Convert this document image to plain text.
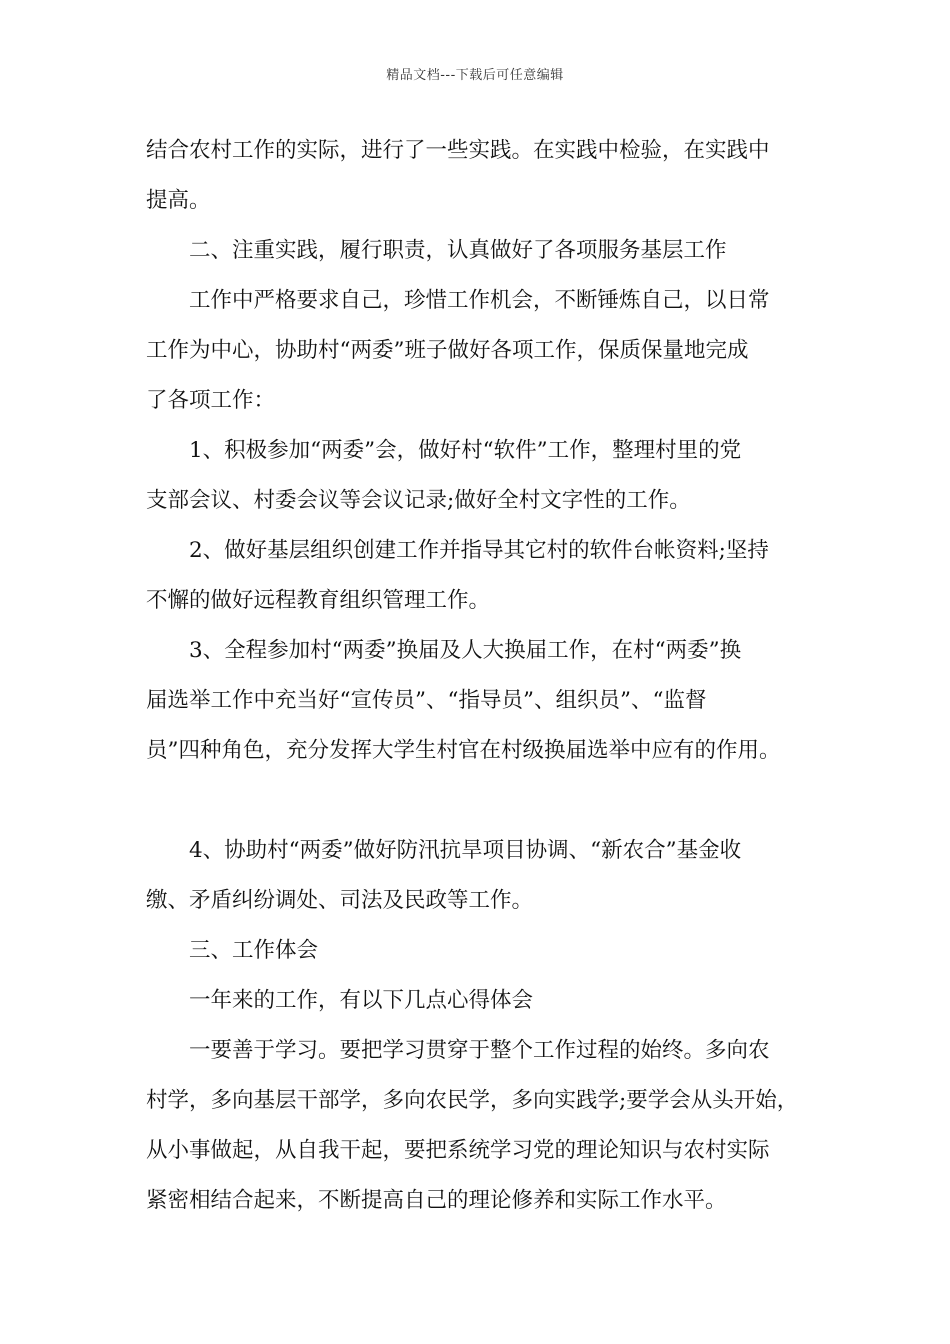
精品文档---下载后可任意编辑
结合农村工作的实际，进行了一些实践。在实践中检验，在实践中
提高。
二、注重实践，履行职责，认真做好了各项服务基层工作
工作中严格要求自己，珍惜工作机会，不断锤炼自己，以日常
工作为中心，协助村“两委”班子做好各项工作，保质保量地完成
了各项工作：
1、积极参加“两委”会，做好村“软件”工作，整理村里的党
支部会议、村委会议等会议记录;做好全村文字性的工作。
2、做好基层组织创建工作并指导其它村的软件台帐资料;坚持
不懈的做好远程教育组织管理工作。
3、全程参加村“两委”换届及人大换届工作，在村“两委”换
届选举工作中充当好“宣传员”、“指导员”、组织员”、“监督
员”四种角色，充分发挥大学生村官在村级换届选举中应有的作用。
4、协助村“两委”做好防汛抗旱项目协调、“新农合”基金收
缴、矛盾纠纷调处、司法及民政等工作。
三、工作体会
一年来的工作，有以下几点心得体会
一要善于学习。要把学习贯穿于整个工作过程的始终。多向农
村学，多向基层干部学，多向农民学，多向实践学;要学会从头开始，
从小事做起，从自我干起，要把系统学习党的理论知识与农村实际
紧密相结合起来，不断提高自己的理论修养和实际工作水平。
